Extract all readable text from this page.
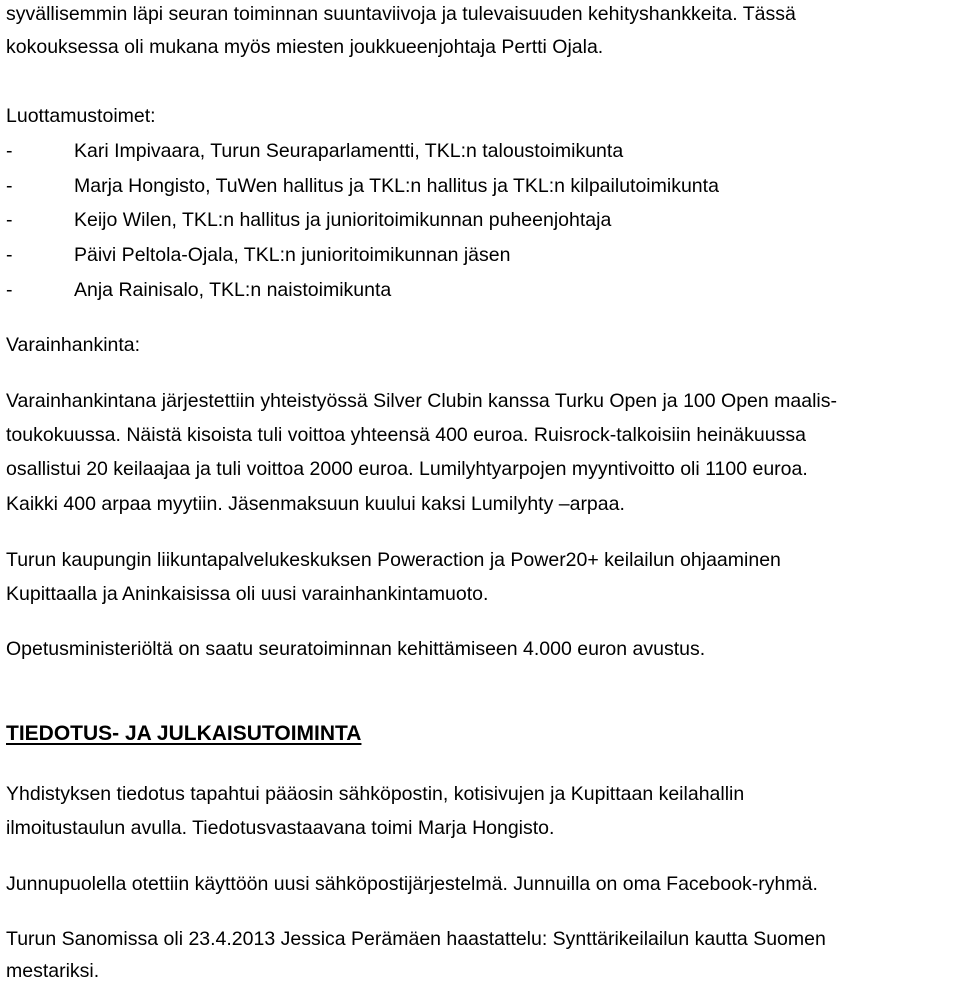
syvällisemmin läpi seuran toiminnan suuntaviivoja ja tulevaisuuden kehityshankkeita. Tässä
kokouksessa oli mukana myös miesten joukkueenjohtaja Pertti Ojala.
Luottamustoimet:
-	Kari Impivaara, Turun Seuraparlamentti, TKL:n taloustoimikunta
-	Marja Hongisto, TuWen hallitus ja TKL:n hallitus ja TKL:n kilpailutoimikunta
-	Keijo Wilen, TKL:n hallitus ja junioritoimikunnan puheenjohtaja
-	Päivi Peltola-Ojala, TKL:n junioritoimikunnan jäsen
-	Anja Rainisalo, TKL:n naistoimikunta
Varainhankinta:
Varainhankintana järjestettiin yhteistyössä Silver Clubin kanssa Turku Open ja 100 Open maalis-
toukokuussa. Näistä kisoista tuli voittoa yhteensä 400 euroa. Ruisrock-talkoisiin heinäkuussa
osallistui 20 keilaajaa ja tuli voittoa 2000 euroa. Lumilyhtyarpojen myyntivoitto oli 1100 euroa.
Kaikki 400 arpaa myytiin. Jäsenmaksuun kuului kaksi Lumilyhty –arpaa.
Turun kaupungin liikuntapalvelukeskuksen Poweraction ja Power20+ keilailun ohjaaminen
Kupittaalla ja Aninkaisissa oli uusi varainhankintamuoto.
Opetusministeriöltä on saatu seuratoiminnan kehittämiseen 4.000 euron avustus.
TIEDOTUS- JA JULKAISUTOIMINTA
Yhdistyksen tiedotus tapahtui pääosin sähköpostin, kotisivujen ja Kupittaan keilahallin
ilmoitustaulun avulla. Tiedotusvastaavana toimi Marja Hongisto.
Junnupuolella otettiin käyttöön uusi sähköpostijärjestelmä. Junnuilla on oma Facebook-ryhmä.
Turun Sanomissa oli 23.4.2013 Jessica Perämäen haastattelu: Synttärikeilailun kautta Suomen
mestariksi.
